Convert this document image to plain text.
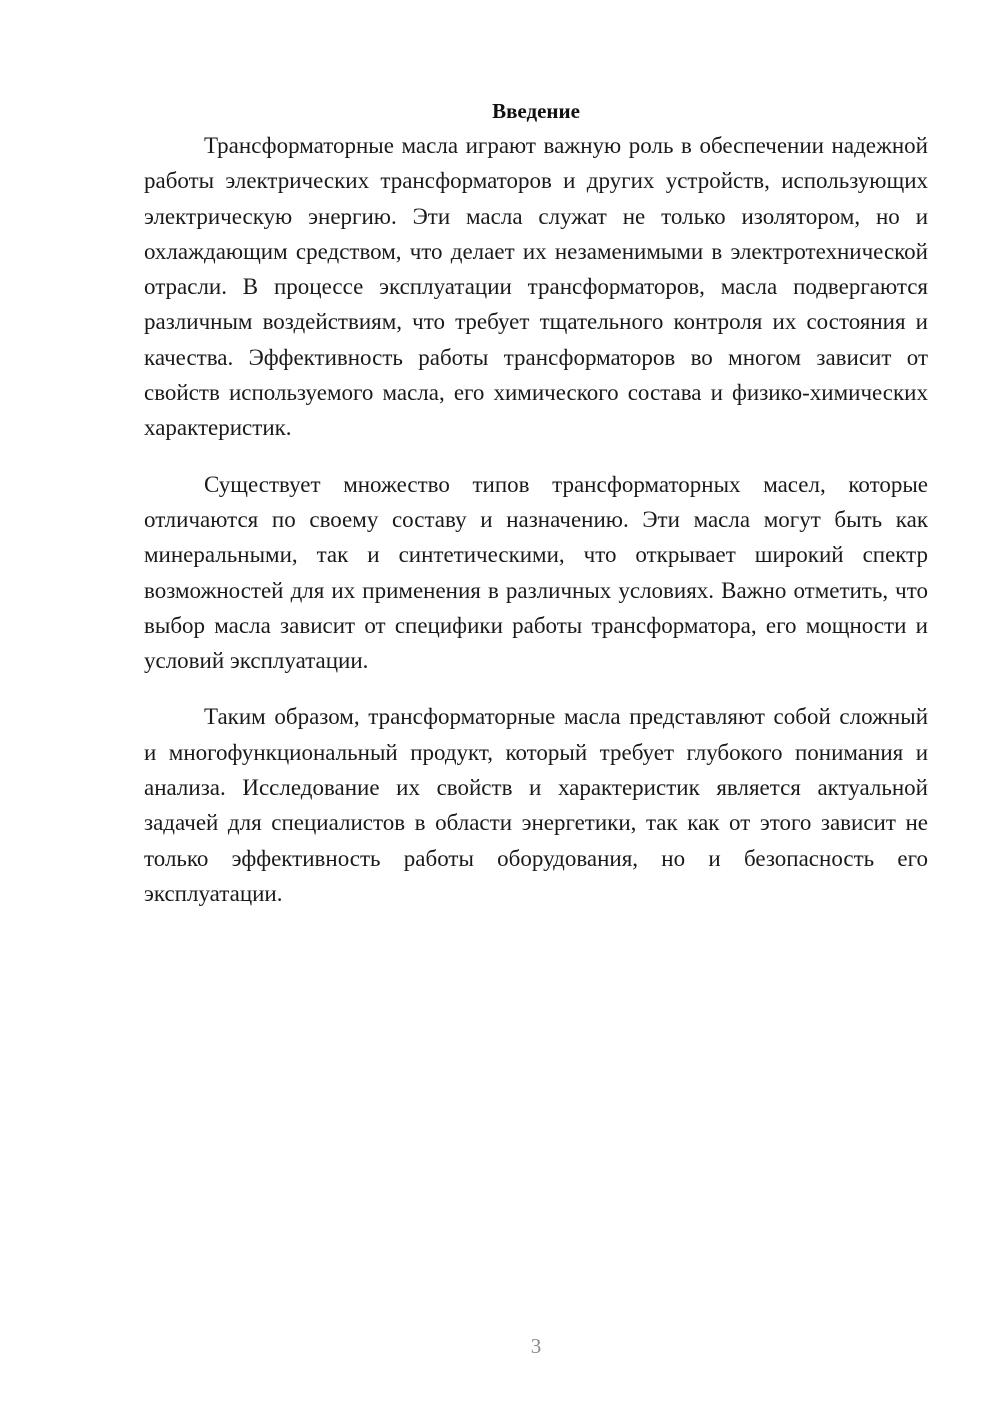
Введение

Трансформаторные масла играют важную роль в обеспечении надежной работы электрических трансформаторов и других устройств, использующих электрическую энергию. Эти масла служат не только изолятором, но и охлаждающим средством, что делает их незаменимыми в электротехнической отрасли. В процессе эксплуатации трансформаторов, масла подвергаются различным воздействиям, что требует тщательного контроля их состояния и качества. Эффективность работы трансформаторов во многом зависит от свойств используемого масла, его химического состава и физико-химических характеристик.

Существует множество типов трансформаторных масел, которые отличаются по своему составу и назначению. Эти масла могут быть как минеральными, так и синтетическими, что открывает широкий спектр возможностей для их применения в различных условиях. Важно отметить, что выбор масла зависит от специфики работы трансформатора, его мощности и условий эксплуатации.

Таким образом, трансформаторные масла представляют собой сложный и многофункциональный продукт, который требует глубокого понимания и анализа. Исследование их свойств и характеристик является актуальной задачей для специалистов в области энергетики, так как от этого зависит не только эффективность работы оборудования, но и безопасность его эксплуатации.

3
